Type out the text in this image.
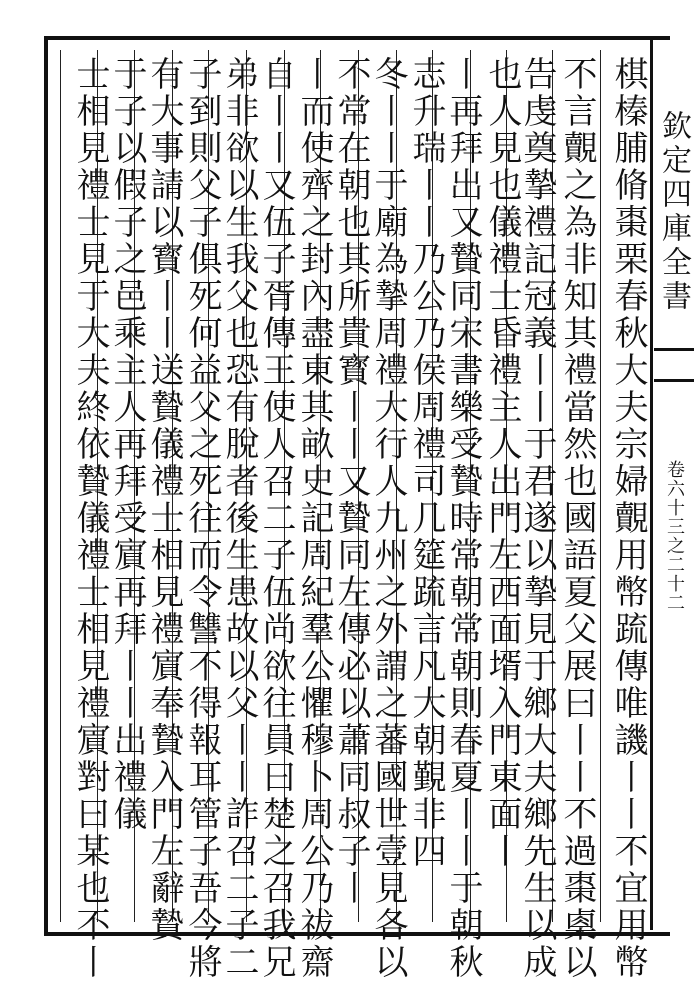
欽定四庫全書
卷六十三之二十二
棋榛脯脩棗栗春秋大夫宗婦覿用幣䟽傳唯譏丨丨不宜用幣
不言覿之為非知其禮當然也國語夏父展曰丨丨不過棗㮚以
告虔奠摯禮記冠義丨丨于君遂以摯見于鄉大夫鄉先生以成
也人見也儀禮士昏禮主人出門左西面壻入門東面丨
丨再拜出又贄同宋書樂受贄時常朝常朝則春夏丨丨于朝秋
志升瑞丨丨乃公乃侯周禮司几筵䟽言凡大朝覲非四
冬丨丨于廟為摯周禮大行人九州之外謂之蕃國世壹見各以
不常在朝也其所貴寳丨丨又贄同左傳必以蕭同叔子丨
丨而使齊之封內盡東其畝史記周紀羣公懼穆卜周公乃祓齋
自丨丨又伍子胥傳王使人召二子伍尚欲往員曰楚之召我兄
弟非欲以生我父也恐有脫者後生患故以父丨丨詐召二子二
子到則父子俱死何益父之死往而令讐不得報耳管子吾今將
有大事請以寳丨丨送贄儀禮士相見禮賔奉贄入門左辭贄
于子以假子之邑乘主人再拜受賔再拜丨丨出禮儀
士相見禮士見于大夫終依贄儀禮士相見禮賔對曰某也不丨
丨其丨注以將不親答也於丨不敢見固以請又劉敞補亡
